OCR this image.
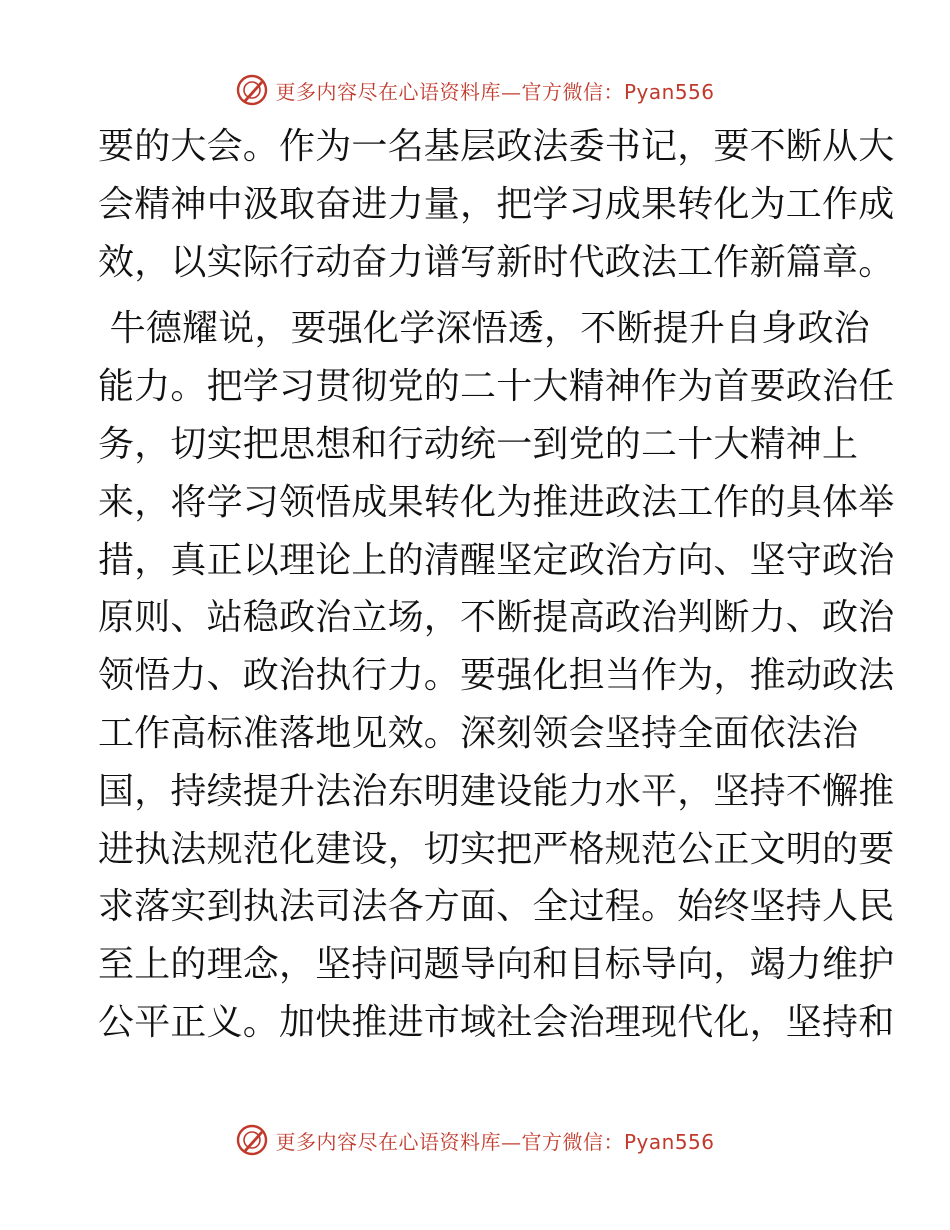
更多内容尽在心语资料库—官方微信：Pyan556
要的大会。作为一名基层政法委书记，要不断从大
会精神中汲取奋进力量，把学习成果转化为工作成
效，以实际行动奋力谱写新时代政法工作新篇章。
牛德耀说，要强化学深悟透，不断提升自身政治
能力。把学习贯彻党的二十大精神作为首要政治任
务，切实把思想和行动统一到党的二十大精神上
来，将学习领悟成果转化为推进政法工作的具体举
措，真正以理论上的清醒坚定政治方向、坚守政治
原则、站稳政治立场，不断提高政治判断力、政治
领悟力、政治执行力。要强化担当作为，推动政法
工作高标准落地见效。深刻领会坚持全面依法治
国，持续提升法治东明建设能力水平，坚持不懈推
进执法规范化建设，切实把严格规范公正文明的要
求落实到执法司法各方面、全过程。始终坚持人民
至上的理念，坚持问题导向和目标导向，竭力维护
公平正义。加快推进市域社会治理现代化，坚持和
更多内容尽在心语资料库—官方微信：Pyan556
